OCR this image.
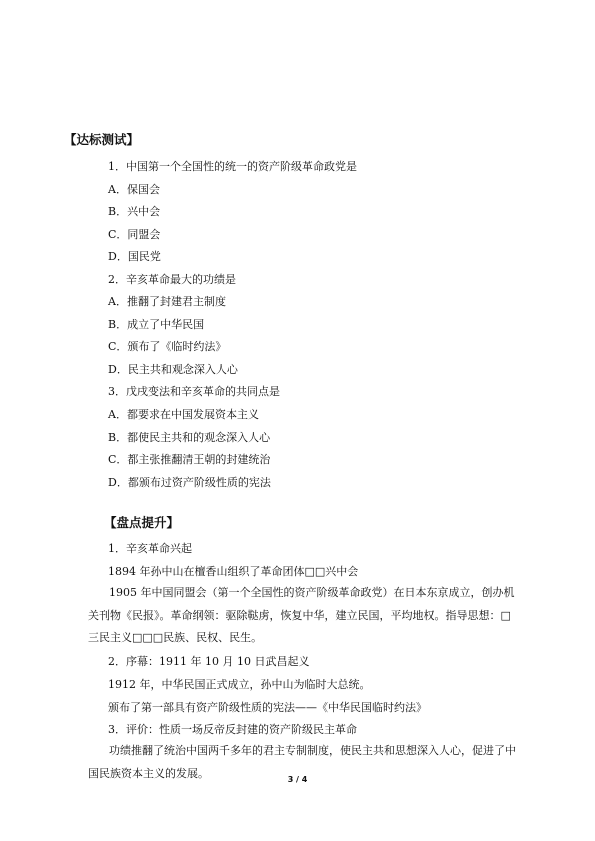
【达标测试】
1．中国第一个全国性的统一的资产阶级革命政党是
A．保国会
B．兴中会
C．同盟会
D．国民党
2．辛亥革命最大的功绩是
A．推翻了封建君主制度
B．成立了中华民国
C．颁布了《临时约法》
D．民主共和观念深入人心
3．戊戌变法和辛亥革命的共同点是
A．都要求在中国发展资本主义
B．都使民主共和的观念深入人心
C．都主张推翻清王朝的封建统治
D．都颁布过资产阶级性质的宪法
【盘点提升】
1．辛亥革命兴起
1894 年孙中山在檀香山组织了革命团体□□兴中会
1905 年中国同盟会（第一个全国性的资产阶级革命政党）在日本东京成立，创办机关刊物《民报》。革命纲领：驱除鞑虏，恢复中华，建立民国，平均地权。指导思想：□三民主义□□□民族、民权、民生。
2．序幕：1911 年 10 月 10 日武昌起义
1912 年，中华民国正式成立，孙中山为临时大总统。
颁布了第一部具有资产阶级性质的宪法——《中华民国临时约法》
3．评价：性质一场反帝反封建的资产阶级民主革命
功绩推翻了统治中国两千多年的君主专制制度，使民主共和思想深入人心，促进了中国民族资本主义的发展。	3 / 4
